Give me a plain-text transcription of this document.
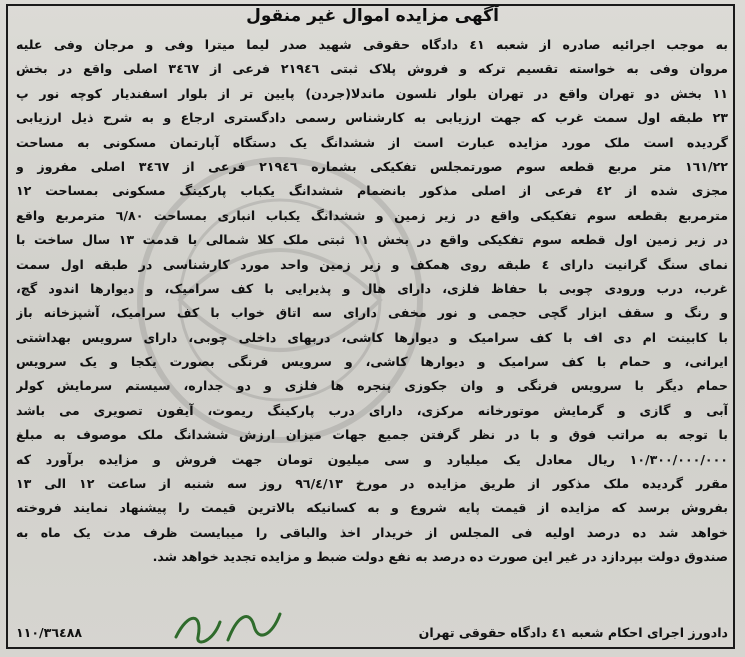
آگهی مزایده اموال غیر منقول
به موجب اجرائیه صادره از شعبه ٤١ دادگاه حقوقی شهید صدر لیما میترا وفی و مرجان وفی علیه
مروان وفی به خواسته تقسیم ترکه و فروش پلاک ثبتی ٢١٩٤٦ فرعی از ٣٤٦٧ اصلی واقع در بخش
١١ بخش دو تهران واقع در تهران بلوار نلسون ماندلا(جردن) پایین تر از بلوار اسفندیار کوچه نور پ
٢٣ طبقه اول سمت غرب که جهت ارزیابی به کارشناس رسمی دادگستری ارجاع و به شرح ذیل ارزیابی
گردیده است ملک مورد مزایده عبارت است از ششدانگ یک دستگاه آپارتمان مسکونی به مساحت
١٦١/٢٢ متر مربع قطعه سوم صورتمجلس تفکیکی بشماره ٢١٩٤٦ فرعی از ٣٤٦٧ اصلی مفروز و
مجزی شده از ٤٢ فرعی از اصلی مذکور بانضمام ششدانگ یکباب پارکینگ مسکونی بمساحت ١٢
مترمربع بقطعه سوم تفکیکی واقع در زیر زمین و ششدانگ یکباب انباری بمساحت ٦/٨٠ مترمربع واقع
در زیر زمین اول قطعه سوم تفکیکی واقع در بخش ١١ ثبتی ملک کلا شمالی با قدمت ١٣ سال ساخت با
نمای سنگ گرانیت دارای ٤ طبقه روی همکف و زیر زمین واحد مورد کارشناسی در طبقه اول سمت
غرب، درب ورودی چوبی با حفاظ فلزی، دارای هال و پذیرایی با کف سرامیک، و دیوارها اندود گچ،
و رنگ و سقف ابزار گچی حجمی و نور مخفی دارای سه اتاق خواب با کف سرامیک، آشپزخانه باز
با کابینت ام دی اف با کف سرامیک و دیوارها کاشی، دربهای داخلی چوبی، دارای سرویس بهداشتی
ایرانی، و حمام با کف سرامیک و دیوارها کاشی، و سرویس فرنگی بصورت یکجا و یک سرویس
حمام دیگر با سرویس فرنگی و وان جکوزی پنجره ها فلزی و دو جداره، سیستم سرمایش کولر
آبی و گازی و گرمایش موتورخانه مرکزی، دارای درب پارکینگ ریموت، آیفون تصویری می باشد
با توجه به مراتب فوق و با در نظر گرفتن جمیع جهات میزان ارزش ششدانگ ملک موصوف به مبلغ
١٠/٣٠٠/٠٠٠/٠٠٠ ریال معادل یک میلیارد و سی میلیون تومان جهت فروش و مزایده برآورد که
مقرر گردیده ملک مذکور از طریق مزایده در مورخ ٩٦/٤/١٣ روز سه شنبه از ساعت ١٢ الی ١٣
بفروش برسد که مزایده از قیمت پایه شروع و به کسانیکه بالاترین قیمت را پیشنهاد نمایند فروخته
خواهد شد ده درصد اولیه فی المجلس از خریدار اخذ والباقی را میبایست ظرف مدت یک ماه به
صندوق دولت بپردازد در غیر این صورت ده درصد به نفع دولت ضبط و مزایده تجدید خواهد شد.
١١٠/٣٦٤٨٨	دادورز اجرای احکام شعبه ٤١ دادگاه حقوقی تهران
